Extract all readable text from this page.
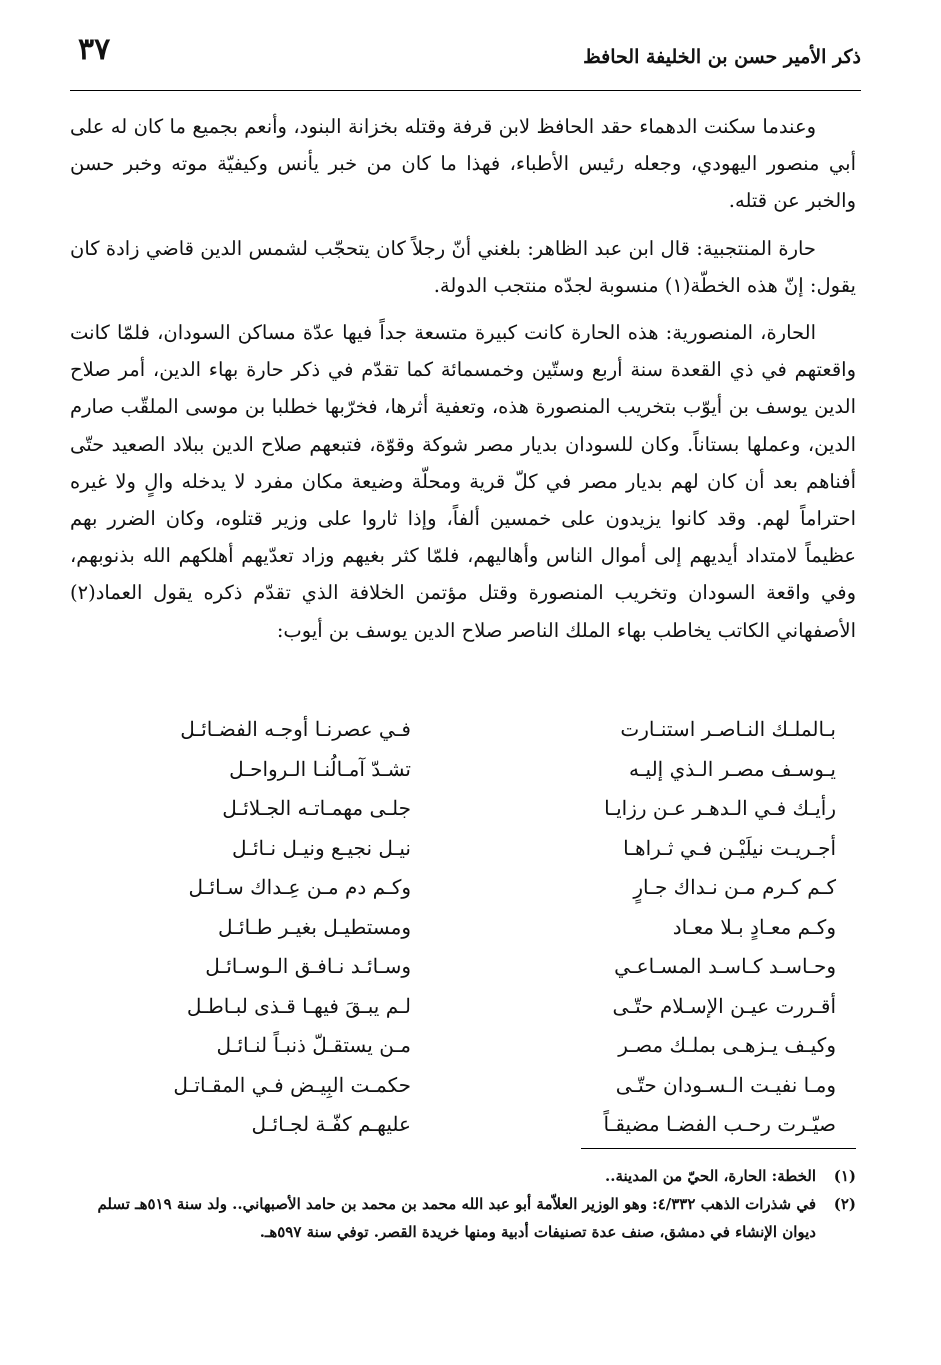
ذكر الأمير حسن بن الخليفة الحافظ
٣٧

وعندما سكنت الدهماء حقد الحافظ لابن قرفة وقتله بخزانة البنود، وأنعم بجميع ما كان له على أبي منصور اليهودي، وجعله رئيس الأطباء، فهذا ما كان من خبر يأنس وكيفيّة موته وخبر حسن والخبر عن قتله.

حارة المنتجبية: قال ابن عبد الظاهر: بلغني أنّ رجلاً كان يتحجّب لشمس الدين قاضي زادة كان يقول: إنّ هذه الخطّة(١) منسوبة لجدّه منتجب الدولة.

الحارة، المنصورية: هذه الحارة كانت كبيرة متسعة جداً فيها عدّة مساكن السودان، فلمّا كانت واقعتهم في ذي القعدة سنة أربع وستّين وخمسمائة كما تقدّم في ذكر حارة بهاء الدين، أمر صلاح الدين يوسف بن أيوّب بتخريب المنصورة هذه، وتعفية أثرها، فخرّبها خطلبا بن موسى الملقّب صارم الدين، وعملها بستاناً. وكان للسودان بديار مصر شوكة وقوّة، فتبعهم صلاح الدين ببلاد الصعيد حتّى أفناهم بعد أن كان لهم بديار مصر في كلّ قرية ومحلّة وضيعة مكان مفرد لا يدخله والٍ ولا غيره احتراماً لهم. وقد كانوا يزيدون على خمسين ألفاً، وإذا ثاروا على وزير قتلوه، وكان الضرر بهم عظيماً لامتداد أيديهم إلى أموال الناس وأهاليهم، فلمّا كثر بغيهم وزاد تعدّيهم أهلكهم الله بذنوبهم، وفي واقعة السودان وتخريب المنصورة وقتل مؤتمن الخلافة الذي تقدّم ذكره يقول العماد(٢) الأصفهاني الكاتب يخاطب بهاء الملك الناصر صلاح الدين يوسف بن أيوب:

بـالملـك النـاصـر استنـارت
فـي عصرنـا أوجـه الفضـائـل
يـوسـف مصـر الـذي إليـه
تشـدّ آمـالُنـا الـرواحـل
رأيـك فـي الـدهـر عـن رزايـا
جلـى مهمـاتـه الجـلائـل
أجـريـت نيلَيْـن فـي ثـراهـا
نيـل نجيـع ونيـل نـائـل
كـم كـرم مـن نـداك جـارٍ
وكـم دم مـن عِـداك سـائـل
وكـم معـادٍ بـلا معـاد
ومستطيـل بغيـر طـائـل
وحـاسـد كـاسـد المسـاعـي
وسـائـد نـافـق الـوسـائـل
أقـررت عيـن الإسـلام حتّـى
لـم يبـقَ فيهـا قـذى لبـاطـل
وكيـف يـزهـى بملـك مصـر
مـن يستقـلّ ذنبـاً لنـائـل
ومـا نفيـت الـسـودان حتّـى
حكمـت البِيـض فـي المقـاتـل
صيّـرت رحـب الفضـا مضيقـاً
عليهـم كفّـة لجـائـل
(١)
الخطة: الحارة، الحيّ من المدينة..
(٢)
في شذرات الذهب ٤/٣٣٢: وهو الوزير العلاّمة أبو عبد الله محمد بن محمد بن حامد الأصبهاني.. ولد سنة ٥١٩هـ تسلم ديوان الإنشاء في دمشق، صنف عدة تصنيفات أدبية ومنها خريدة القصر. توفي سنة ٥٩٧هـ.
